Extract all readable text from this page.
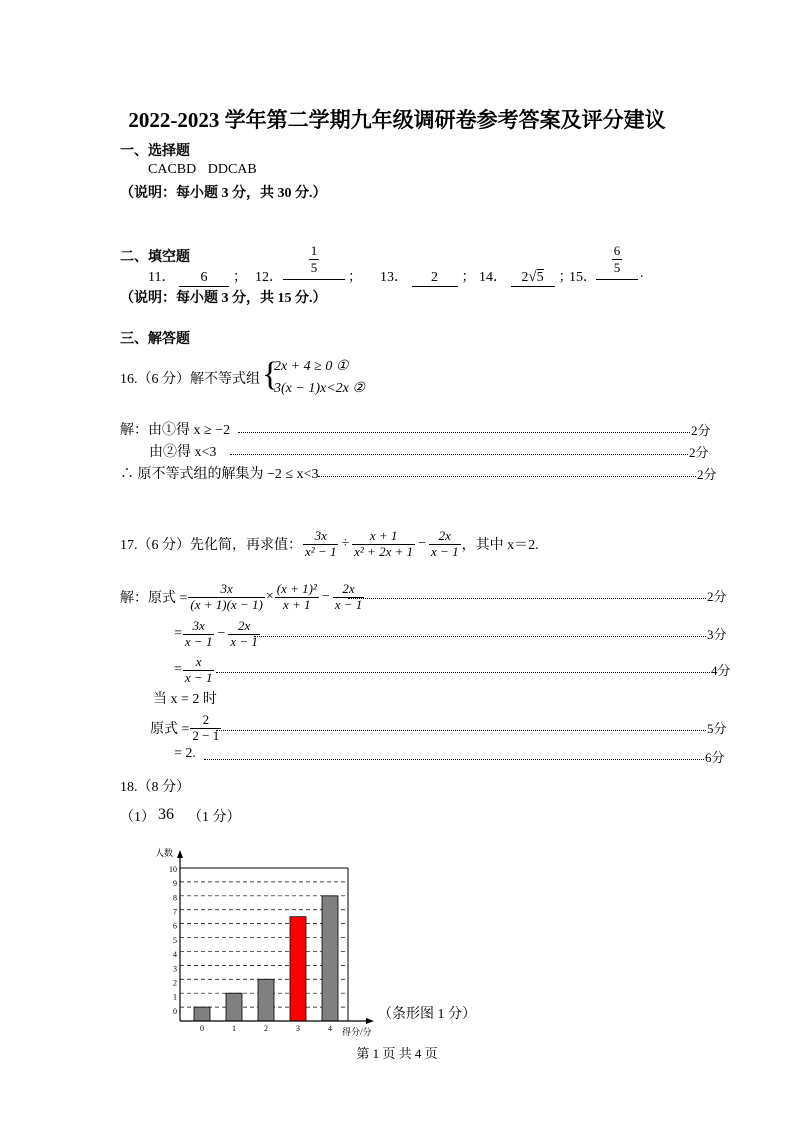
2022-2023 学年第二学期九年级调研卷参考答案及评分建议
一、选择题
CACBD DDCAB
（说明：每小题 3 分，共 30 分.）
二、填空题
11． 6 ； 12．
1
5
； 13． 2 ； 14． 2√5 ；
15．
6
5	.
（说明：每小题 3 分，共 15 分.）
三、解答题
16.（6 分）解不等式组 {
2x + 4 ≥ 0 ①
3(x − 1)x<2x ②
解：由①得 x ≥ −2	2分
由②得 x<3	2分
∴ 原不等式组的解集为 −2 ≤ x<3	2分
17.（6 分）先化简，再求值： $\frac{3x}{\text{x² − 1}} \div \frac{x + 1}{\text{x² + 2x + 1}} - \frac{2x}{x - 1}$ ，其中 x＝2.
解：原式 = $\frac{3x}{(x + 1)(x - 1)} \times \frac{\text{(x + 1)²}}{x + 1} - \frac{2x}{x - 1}$	2分
= $\frac{3x}{x - 1} - \frac{2x}{x - 1}$	3分
= $\frac{x}{x - 1}$	4分
当 x = 2 时
原式 = $\frac{2}{2 - 1}$	5分
= 2.	6分
18.（8 分）
（1） 36 （1 分）
0
1
2
3
4
5
6
7
8
9
10
0	1	2	3	4
人数
得分/分
（条形图 1 分）
第 1 页 共 4 页
